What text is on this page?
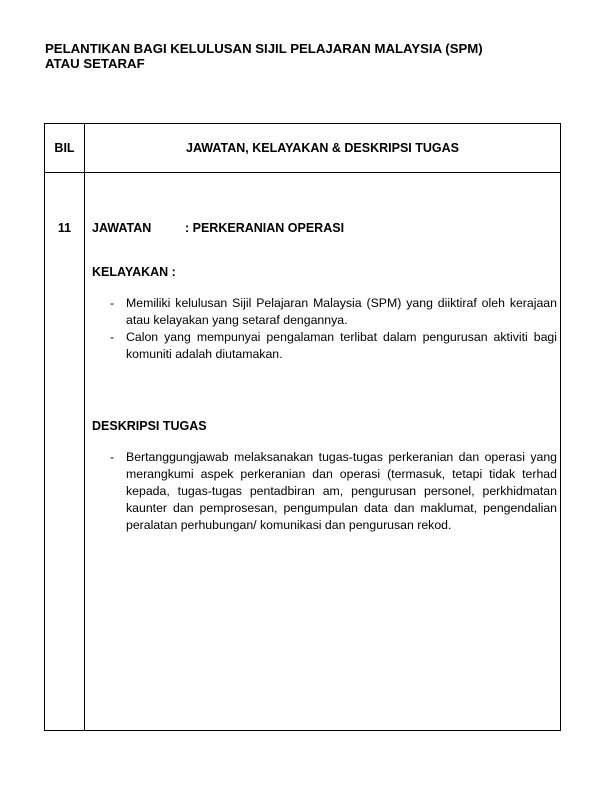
PELANTIKAN BAGI KELULUSAN SIJIL PELAJARAN MALAYSIA (SPM)
ATAU SETARAF
BIL	JAWATAN, KELAYAKAN & DESKRIPSI TUGAS
11	JAWATAN	: PERKERANIAN OPERASI
KELAYAKAN :
- Memiliki kelulusan Sijil Pelajaran Malaysia (SPM) yang diiktiraf oleh kerajaan atau kelayakan yang setaraf dengannya.
- Calon yang mempunyai pengalaman terlibat dalam pengurusan aktiviti bagi komuniti adalah diutamakan.
DESKRIPSI TUGAS
- Bertanggungjawab melaksanakan tugas-tugas perkeranian dan operasi yang merangkumi aspek perkeranian dan operasi (termasuk, tetapi tidak terhad kepada, tugas-tugas pentadbiran am, pengurusan personel, perkhidmatan kaunter dan pemprosesan, pengumpulan data dan maklumat, pengendalian peralatan perhubungan/ komunikasi dan pengurusan rekod.
